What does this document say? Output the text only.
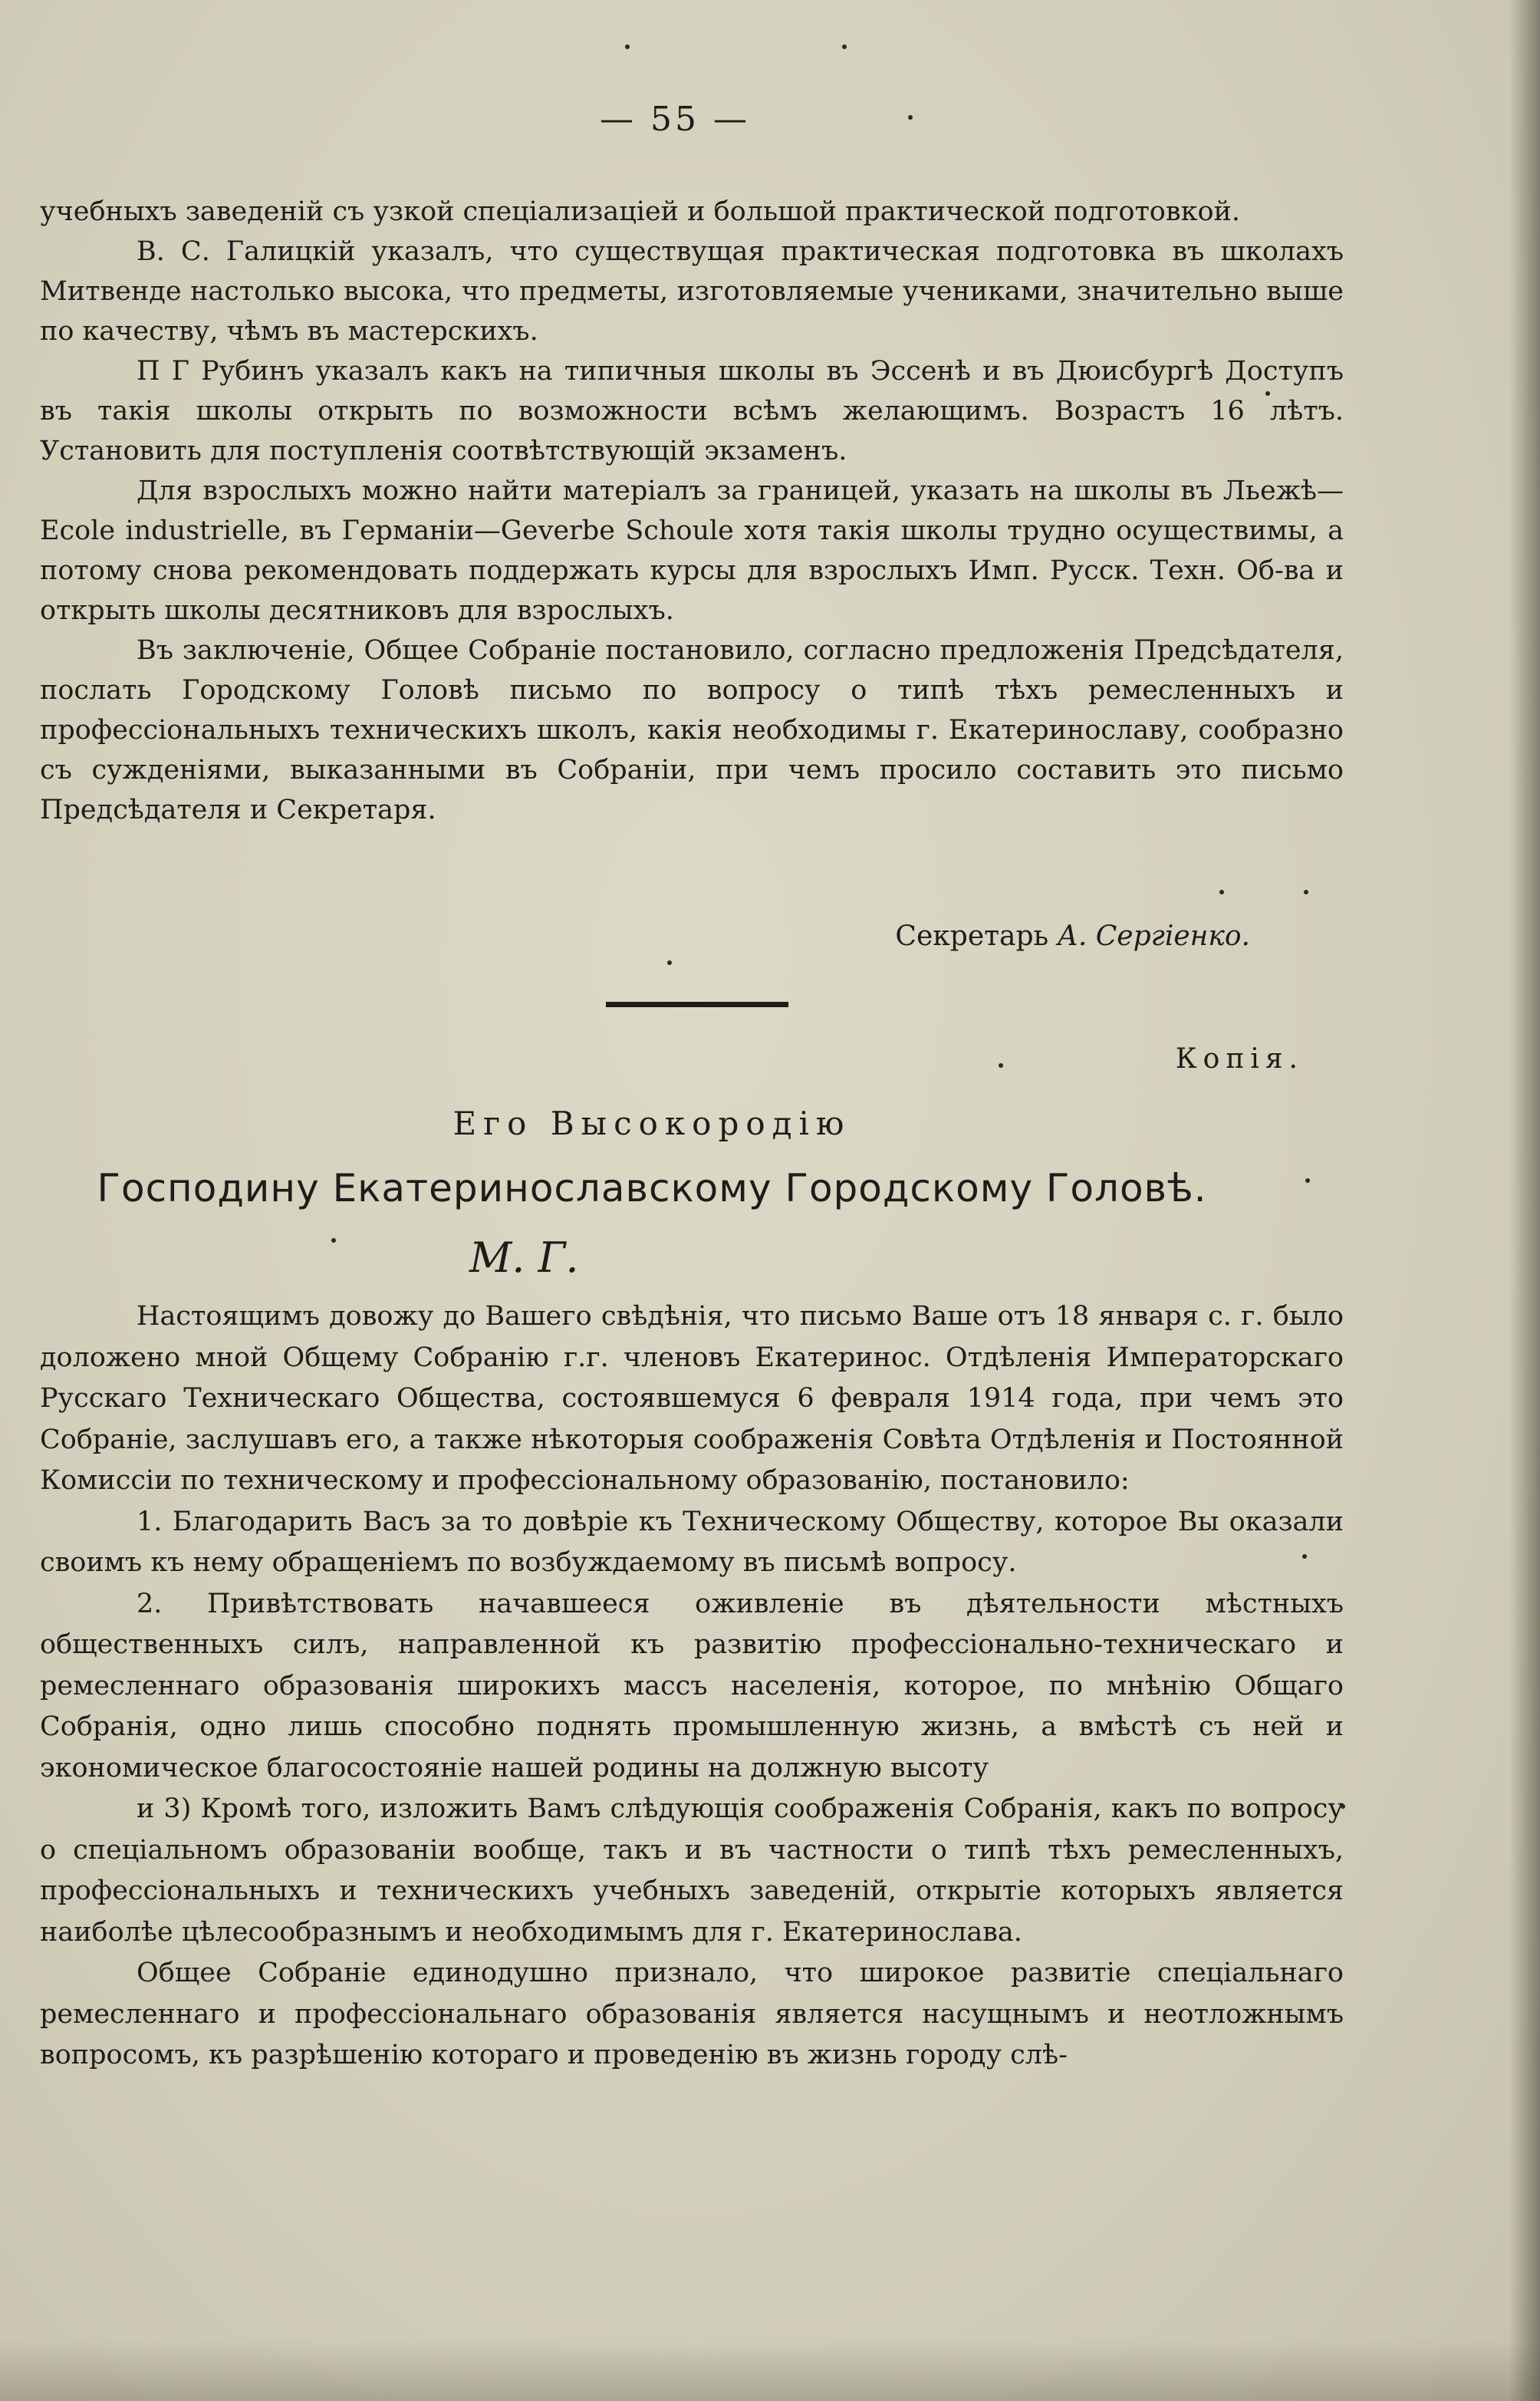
— 55 —

учебныхъ заведеній съ узкой спеціализаціей и большой практической подготовкой.

В. С. Галицкій указалъ, что существущая практическая подготовка въ школахъ Митвенде настолько высока, что предметы, изготовляемые учениками, значительно выше по качеству, чѣмъ въ мастерскихъ.

П Г Рубинъ указалъ какъ на типичныя школы въ Эссенѣ и въ Дюисбургѣ Доступъ въ такія школы открыть по возможности всѣмъ желающимъ. Возрастъ 16 лѣтъ. Установить для поступленія соотвѣтствующій экзаменъ.

Для взрослыхъ можно найти матеріалъ за границей, указать на школы въ Льежѣ—Ecole industrielle, въ Германіи—Geverbe Schoule хотя такія школы трудно осуществимы, а потому снова рекомендовать поддержать курсы для взрослыхъ Имп. Русск. Техн. Об-ва и открыть школы десятниковъ для взрослыхъ.

Въ заключеніе, Общее Собраніе постановило, согласно предложенія Предсѣдателя, послать Городскому Головѣ письмо по вопросу о типѣ тѣхъ ремесленныхъ и профессіональныхъ техническихъ школъ, какія необходимы г. Екатеринославу, сообразно съ сужденіями, выказанными въ Собраніи, при чемъ просило составить это письмо Предсѣдателя и Секретаря.

Секретарь А. Сергіенко.
Копія.
Его Высокородію
Господину Екатеринославскому Городскому Головѣ.
М. Г.

Настоящимъ довожу до Вашего свѣдѣнія, что письмо Ваше отъ 18 января с. г. было доложено мной Общему Собранію г.г. членовъ Екатеринос. Отдѣленія Императорскаго Русскаго Техническаго Общества, состоявшемуся 6 февраля 1914 года, при чемъ это Собраніе, заслушавъ его, а также нѣкоторыя соображенія Совѣта Отдѣленія и Постоянной Комиссіи по техническому и профессіональному образованію, постановило:

1. Благодарить Васъ за то довѣріе къ Техническому Обществу, которое Вы оказали своимъ къ нему обращеніемъ по возбуждаемому въ письмѣ вопросу.

2. Привѣтствовать начавшееся оживленіе въ дѣятельности мѣстныхъ общественныхъ силъ, направленной къ развитію профессіонально-техническаго и ремесленнаго образованія широкихъ массъ населенія, которое, по мнѣнію Общаго Собранія, одно лишь способно поднять промышленную жизнь, а вмѣстѣ съ ней и экономическое благосостояніе нашей родины на должную высоту

и 3) Кромѣ того, изложить Вамъ слѣдующія соображенія Собранія, какъ по вопросу о спеціальномъ образованіи вообще, такъ и въ частности о типѣ тѣхъ ремесленныхъ, профессіональныхъ и техническихъ учебныхъ заведеній, открытіе которыхъ является наиболѣе цѣлесообразнымъ и необходимымъ для г. Екатеринослава.

Общее Собраніе единодушно признало, что широкое развитіе спеціальнаго ремесленнаго и профессіональнаго образованія является насущнымъ и неотложнымъ вопросомъ, къ разрѣшенію котораго и проведенію въ жизнь городу слѣ-
